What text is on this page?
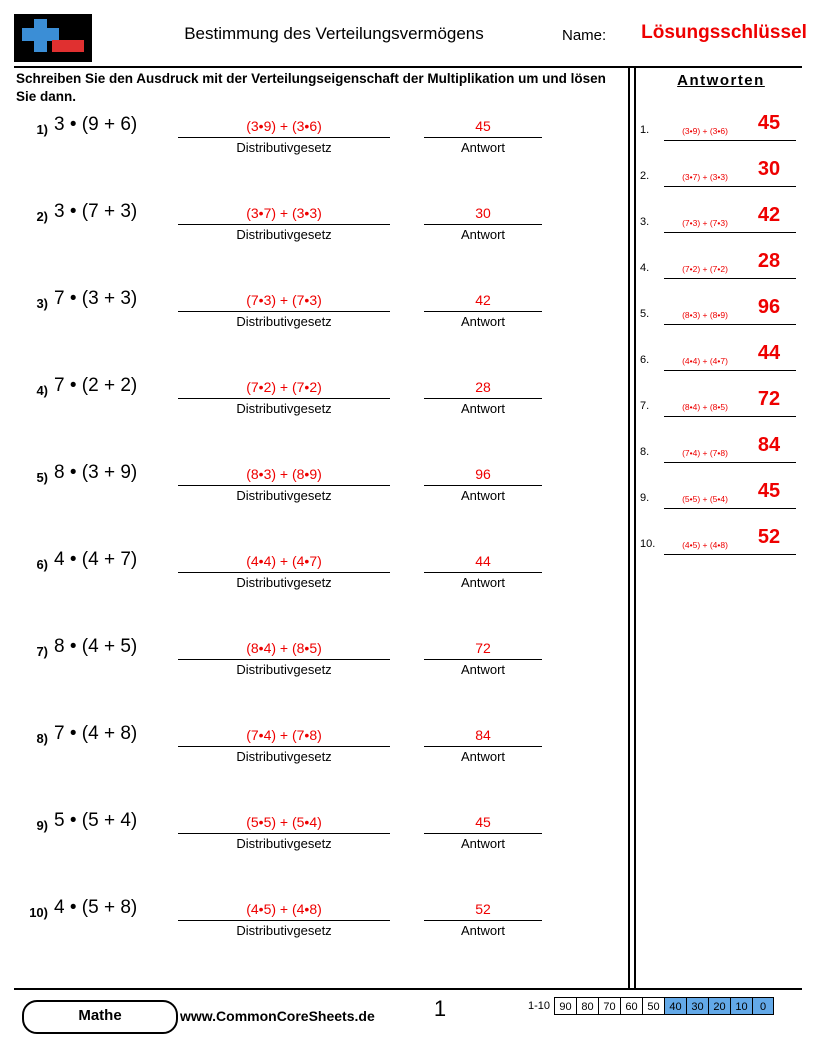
Bestimmung des Verteilungsvermögens	Name:	Lösungsschlüssel
Schreiben Sie den Ausdruck mit der Verteilungseigenschaft der Multiplikation um und lösen Sie dann.
1) 3 • (9 + 6)	(3•9) + (3•6)
Distributivgesetz
45
Antwort
2) 3 • (7 + 3)	(3•7) + (3•3)
Distributivgesetz
30
Antwort
3) 7 • (3 + 3)	(7•3) + (7•3)
Distributivgesetz
42
Antwort
4) 7 • (2 + 2)	(7•2) + (7•2)
Distributivgesetz
28
Antwort
5) 8 • (3 + 9)	(8•3) + (8•9)
Distributivgesetz
96
Antwort
6) 4 • (4 + 7)	(4•4) + (4•7)
Distributivgesetz
44
Antwort
7) 8 • (4 + 5)	(8•4) + (8•5)
Distributivgesetz
72
Antwort
8) 7 • (4 + 8)	(7•4) + (7•8)
Distributivgesetz
84
Antwort
9) 5 • (5 + 4)	(5•5) + (5•4)
Distributivgesetz
45
Antwort
10) 4 • (5 + 8)	(4•5) + (4•8)
Distributivgesetz
52
Antwort
Antworten
1.	(3•9) + (3•6)	45
2.	(3•7) + (3•3)	30
3.	(7•3) + (7•3)	42
4.	(7•2) + (7•2)	28
5.	(8•3) + (8•9)	96
6.	(4•4) + (4•7)	44
7.	(8•4) + (8•5)	72
8.	(7•4) + (7•8)	84
9.	(5•5) + (5•4)	45
10.	(4•5) + (4•8)	52
Mathe	www.CommonCoreSheets.de	1	1-10 90 80 70 60 50 40 30 20 10	0
